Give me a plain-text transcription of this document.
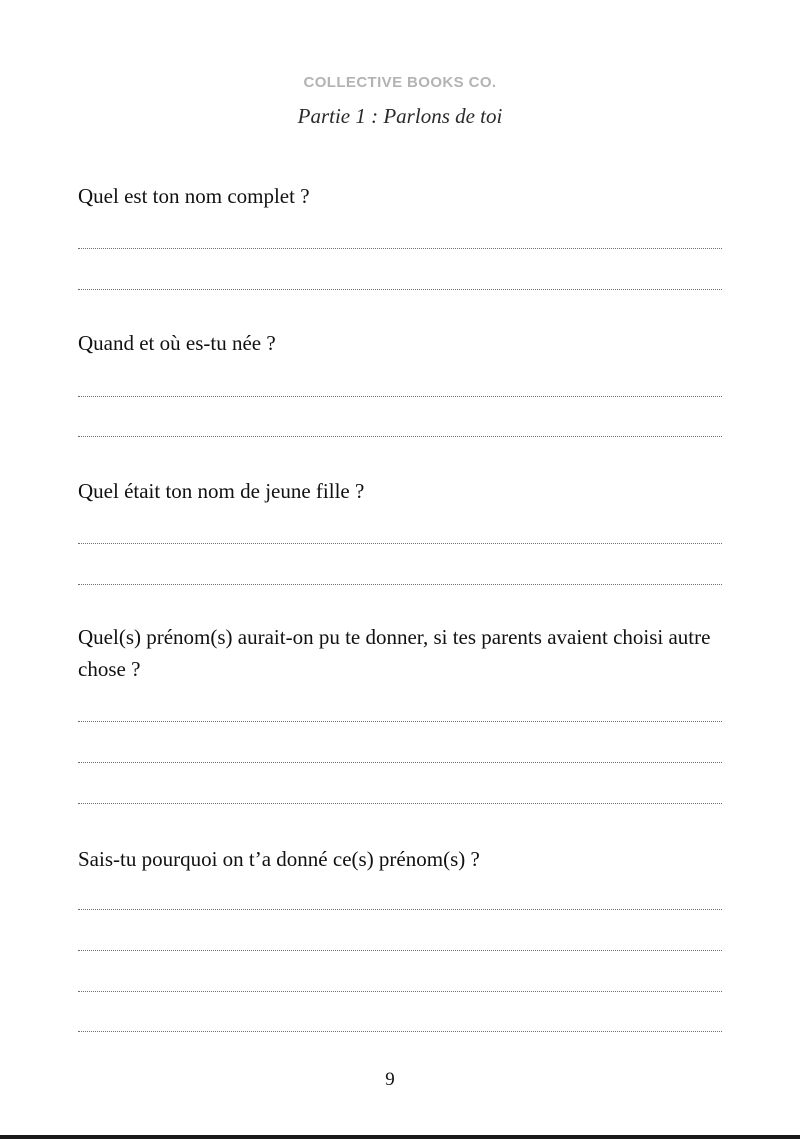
COLLECTIVE BOOKS CO.
Partie 1 : Parlons de toi
Quel est ton nom complet ?
Quand et où es-tu née ?
Quel était ton nom de jeune fille ?
Quel(s) prénom(s) aurait-on pu te donner, si tes parents avaient choisi autre chose ?
Sais-tu pourquoi on t’a donné ce(s) prénom(s) ?
9
